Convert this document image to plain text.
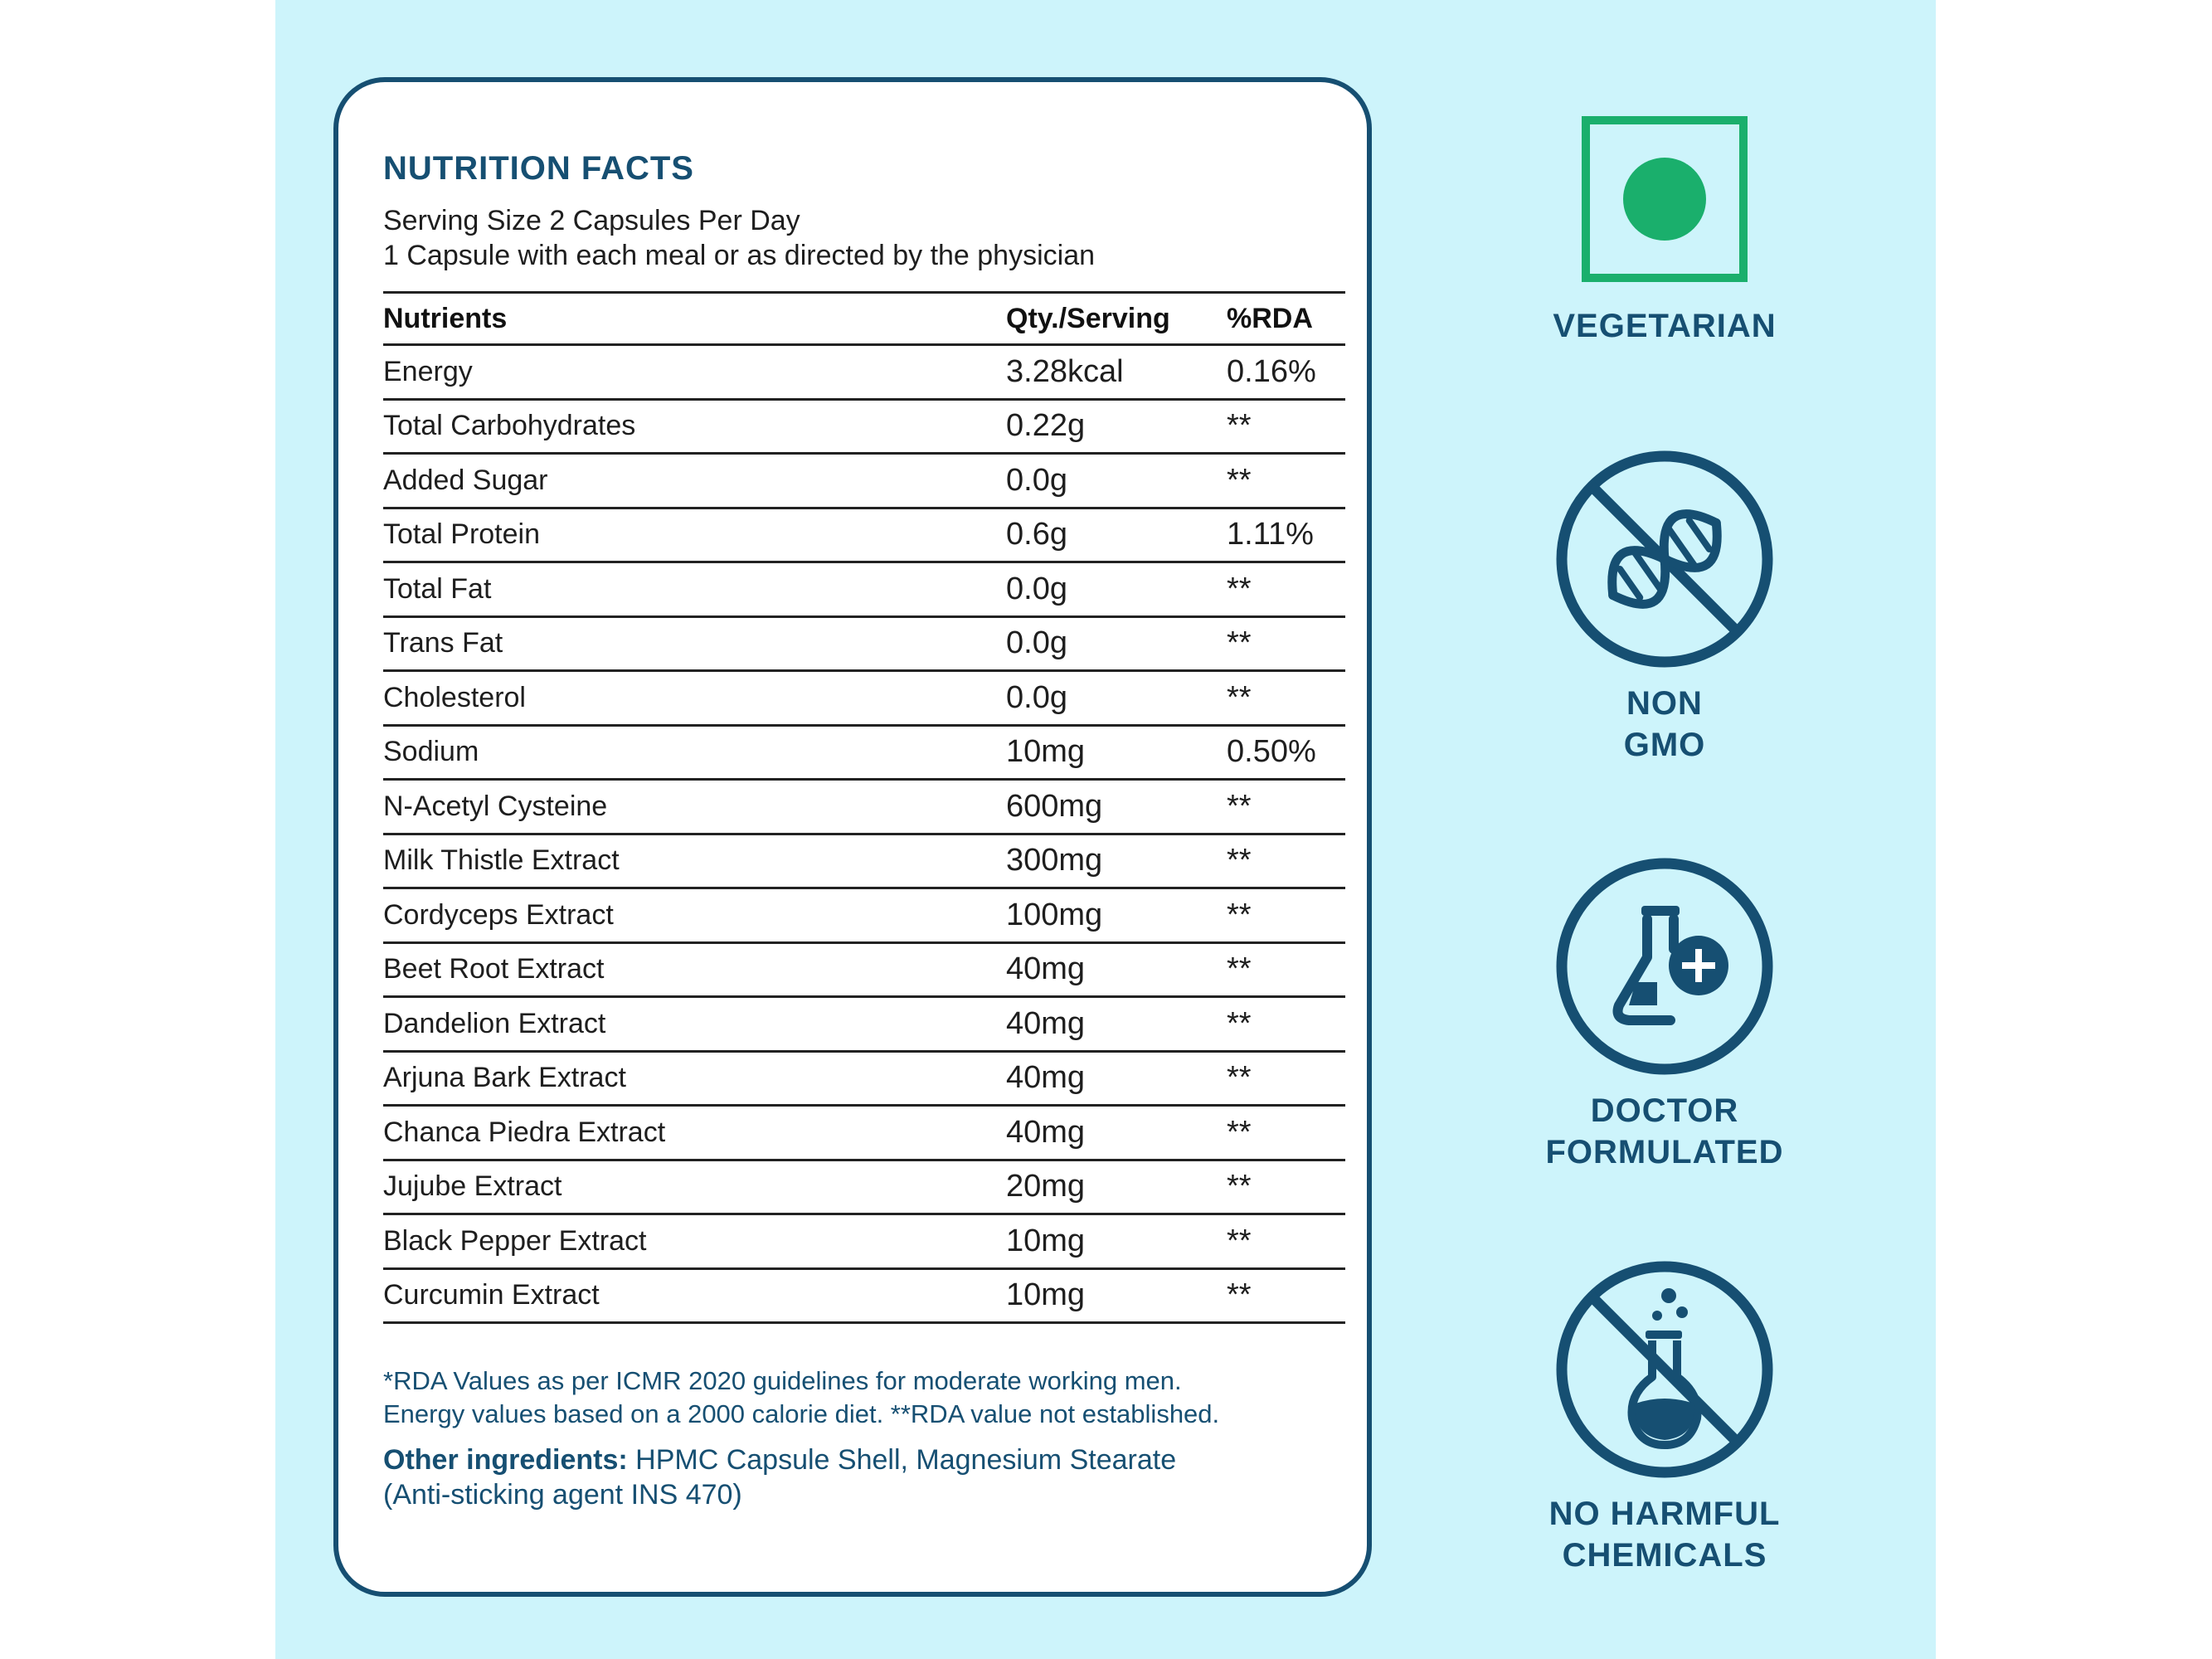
NUTRITION FACTS
Serving Size 2 Capsules Per Day
1 Capsule with each meal or as directed by the physician
Nutrients	Qty./Serving	%RDA
Energy	3.28kcal	0.16%
Total Carbohydrates	0.22g	**
Added Sugar	0.0g	**
Total Protein	0.6g	1.11%
Total Fat	0.0g	**
Trans Fat	0.0g	**
Cholesterol	0.0g	**
Sodium	10mg	0.50%
N-Acetyl Cysteine	600mg	**
Milk Thistle Extract	300mg	**
Cordyceps Extract	100mg	**
Beet Root Extract	40mg	**
Dandelion Extract	40mg	**
Arjuna Bark Extract	40mg	**
Chanca Piedra Extract	40mg	**
Jujube Extract	20mg	**
Black Pepper Extract	10mg	**
Curcumin Extract	10mg	**
*RDA Values as per ICMR 2020 guidelines for moderate working men.
Energy values based on a 2000 calorie diet. **RDA value not established.
Other ingredients: HPMC Capsule Shell, Magnesium Stearate
(Anti-sticking agent INS 470)
VEGETARIAN
NON
GMO
DOCTOR
FORMULATED
NO HARMFUL
CHEMICALS
